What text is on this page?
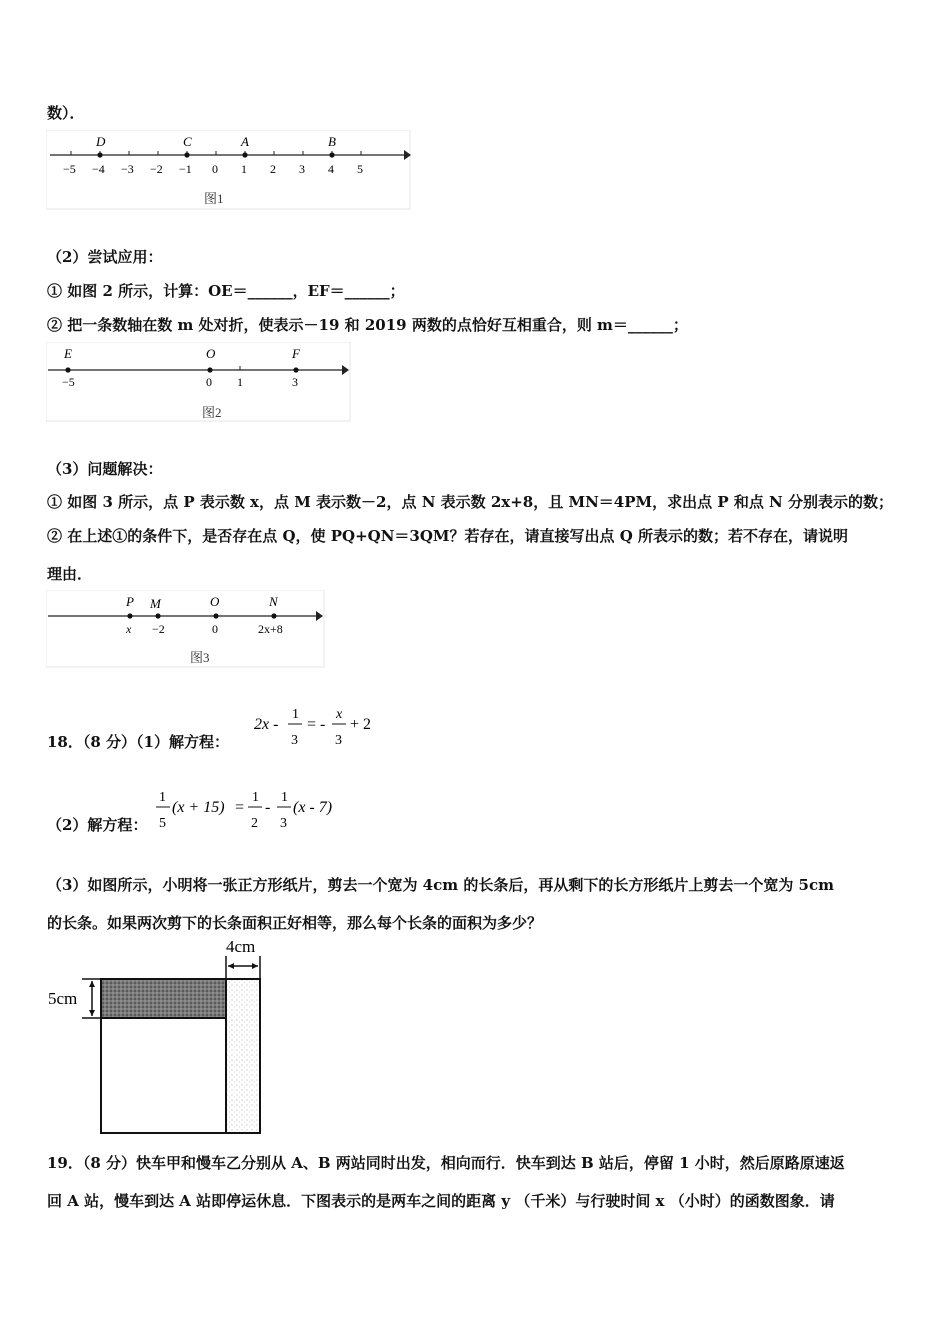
数）．
−5 −4 −3 −2 −1 0 1 2 3 4 5
D	C	A	B
图1
（2）尝试应用：
① 如图 2 所示，计算：OE＝______，EF＝______；
② 把一条数轴在数 m 处对折，使表示－19 和 2019 两数的点恰好互相重合，则 m＝______；
E	O	F
−5	0 1	3
图2
（3）问题解决：
① 如图 3 所示，点 P 表示数 x，点 M 表示数－2，点 N 表示数 2x+8，且 MN＝4PM，求出点 P 和点 N 分别表示的数；
② 在上述①的条件下，是否存在点 Q，使 PQ+QN＝3QM？若存在，请直接写出点 Q 所表示的数；若不存在，请说明
理由．
P M	O	N
x −2	0	2x+8
图3
18．（8 分）（1）解方程：
2x -
1
3
= -
x
3
+ 2
（2）解方程：
1
5
(x + 15) =
1
2
-
1
3
(x - 7)
（3）如图所示，小明将一张正方形纸片，剪去一个宽为 4cm 的长条后，再从剩下的长方形纸片上剪去一个宽为 5cm
的长条。如果两次剪下的长条面积正好相等，那么每个长条的面积为多少？
4cm
5cm
19．（8 分）快车甲和慢车乙分别从 A、B 两站同时出发，相向而行．快车到达 B 站后，停留 1 小时，然后原路原速返
回 A 站，慢车到达 A 站即停运休息．下图表示的是两车之间的距离 y （千米）与行驶时间 x （小时）的函数图象．请
